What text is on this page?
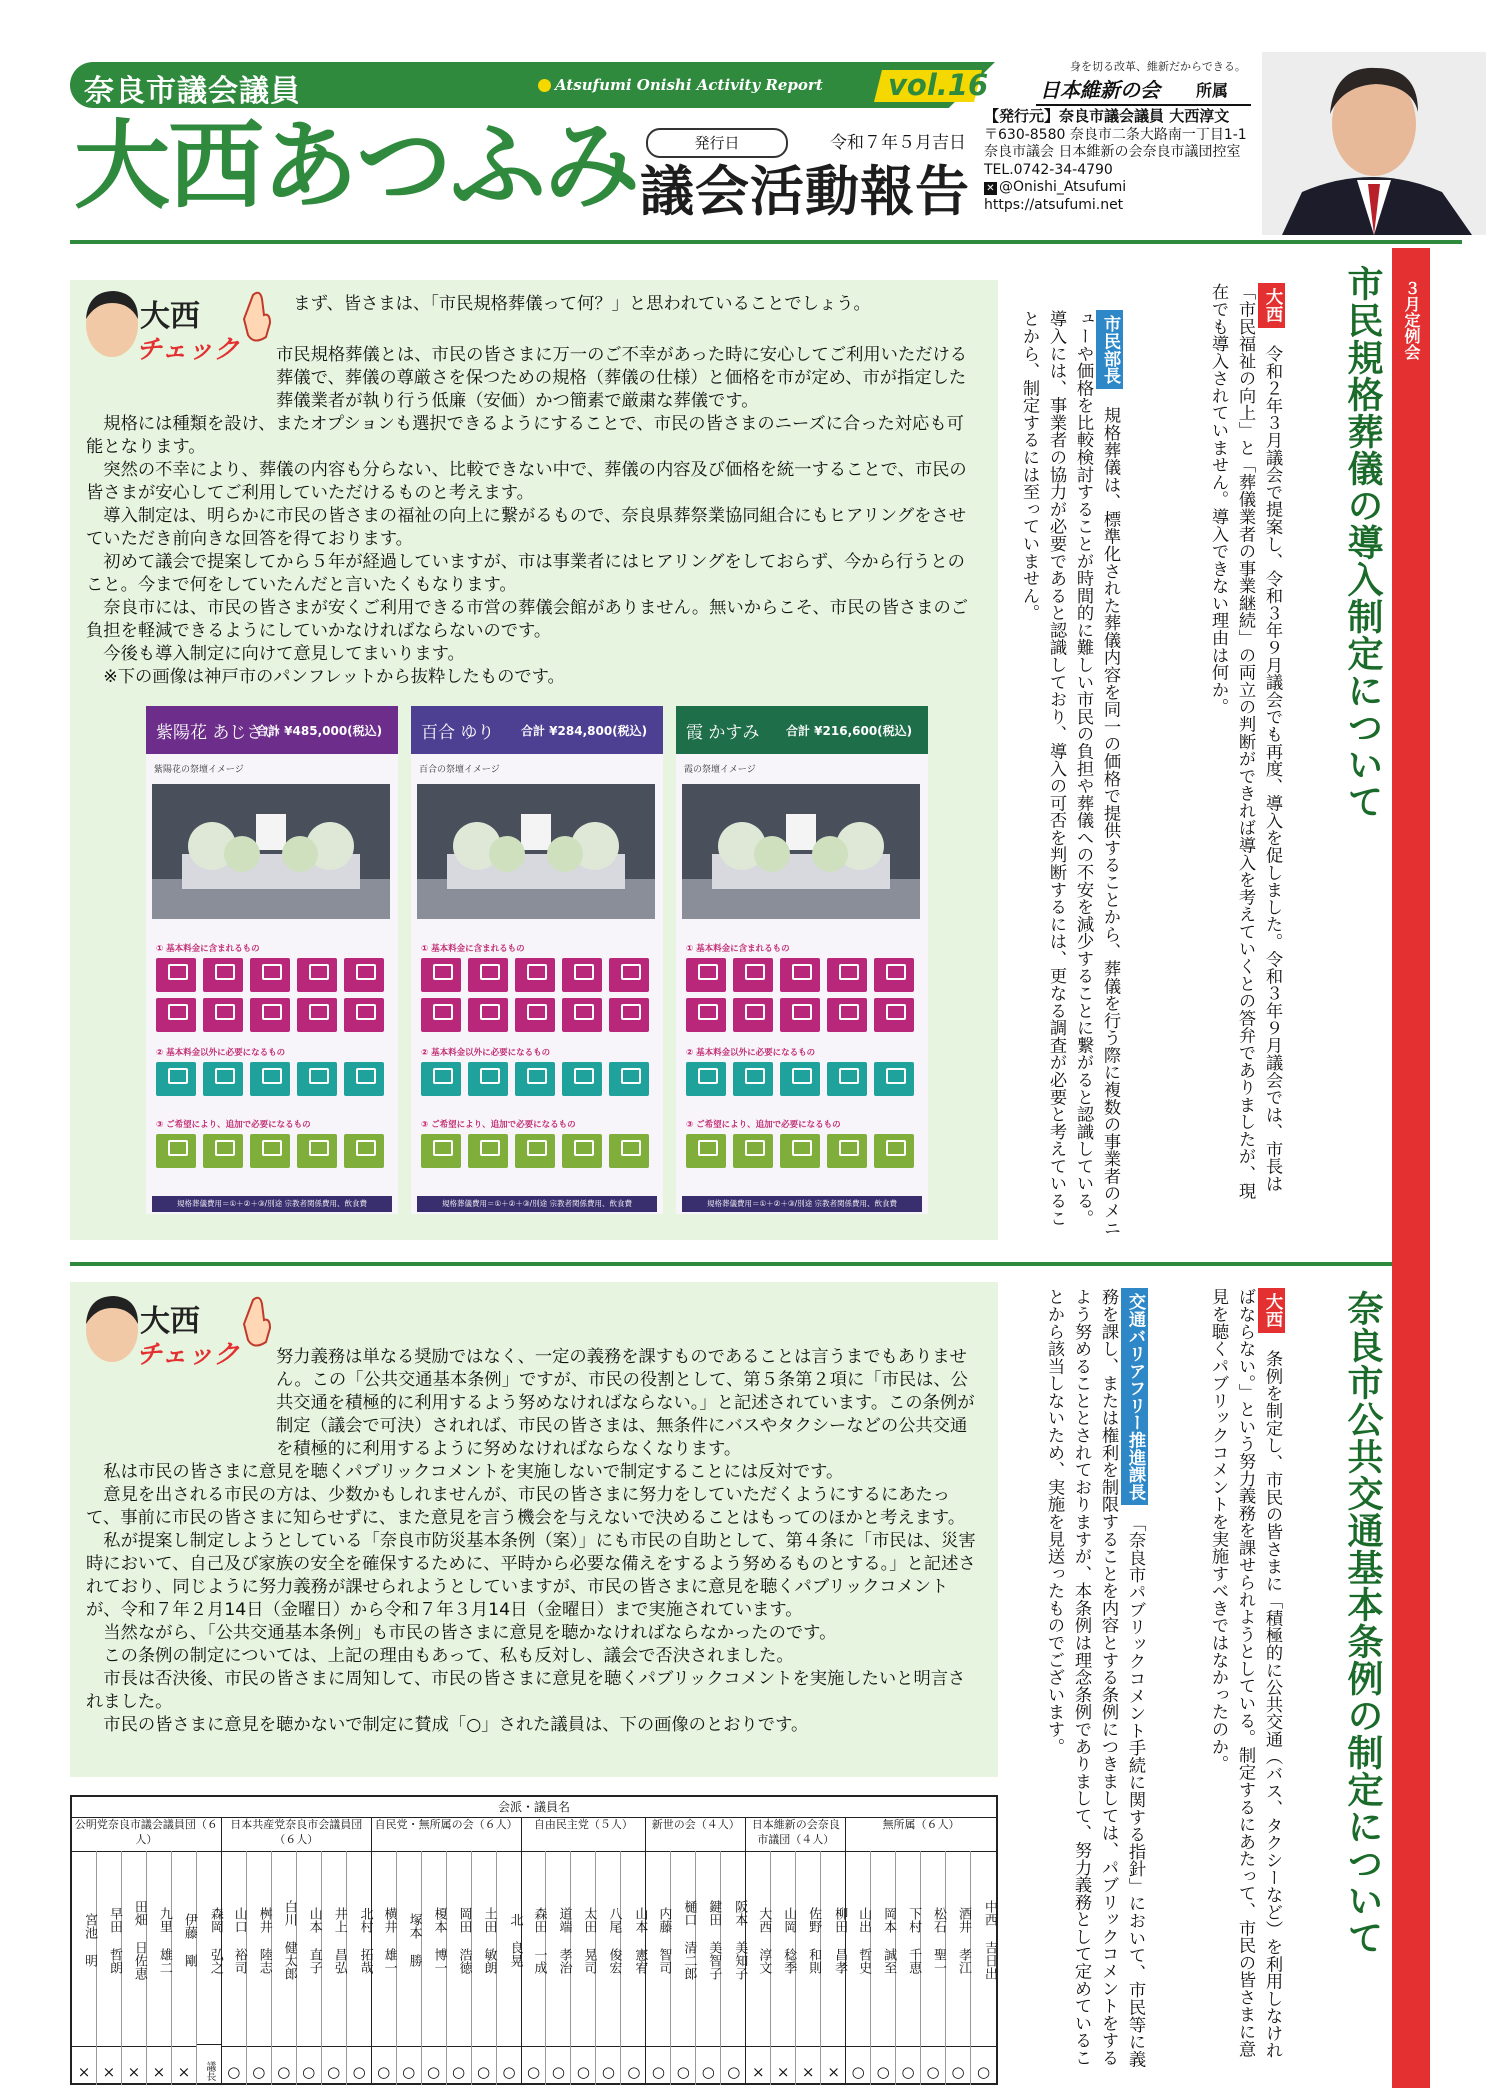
奈良市議会議員	Atsufumi Onishi Activity Report vol.16
大西あつふみ	発行日	令和７年５月吉日
議会活動報告
身を切る改革、維新だからできる。
日本維新の会 所属
【発行元】奈良市議会議員 大西淳文
〒630-8580 奈良市二条大路南一丁目1-1
奈良市議会 日本維新の会奈良市議団控室
TEL.0742-34-4790
✕ @Onishi_Atsufumi
https://atsufumi.net
３月定例会
大西
チェック

まず、皆さまは、「市民規格葬儀って何？」と思われていることでしょう。

市民規格葬儀とは、市民の皆さまに万一のご不幸があった時に安心してご利用いただける葬儀で、葬儀の尊厳さを保つための規格（葬儀の仕様）と価格を市が定め、市が指定した葬儀業者が執り行う低廉（安価）かつ簡素で厳粛な葬儀です。

規格には種類を設け、またオプションも選択できるようにすることで、市民の皆さまのニーズに合った対応も可能となります。

突然の不幸により、葬儀の内容も分らない、比較できない中で、葬儀の内容及び価格を統一することで、市民の皆さまが安心してご利用していただけるものと考えます。

導入制定は、明らかに市民の皆さまの福祉の向上に繋がるもので、奈良県葬祭業協同組合にもヒアリングをさせていただき前向きな回答を得ております。

初めて議会で提案してから５年が経過していますが、市は事業者にはヒアリングをしておらず、今から行うとのこと。今まで何をしていたんだと言いたくもなります。

奈良市には、市民の皆さまが安くご利用できる市営の葬儀会館がありません。無いからこそ、市民の皆さまのご負担を軽減できるようにしていかなければならないのです。

今後も導入制定に向けて意見してまいります。

※下の画像は神戸市のパンフレットから抜粋したものです。

紫陽花 あじさい
合計 ¥485,000(税込)
紫陽花の祭壇イメージ
① 基本料金に含まれるもの
② 基本料金以外に必要になるもの
③ ご希望により、追加で必要になるもの
規格葬儀費用＝①＋②＋③/別途 宗教者関係費用、飲食費
百合 ゆり 合計 ¥284,800(税込)
百合の祭壇イメージ
① 基本料金に含まれるもの
② 基本料金以外に必要になるもの
③ ご希望により、追加で必要になるもの
規格葬儀費用＝①＋②＋③/別途 宗教者関係費用、飲食費
霞 かすみ 合計 ¥216,600(税込)
霞の祭壇イメージ
① 基本料金に含まれるもの
② 基本料金以外に必要になるもの
③ ご希望により、追加で必要になるもの
規格葬儀費用＝①＋②＋③/別途 宗教者関係費用、飲食費
市民規格葬儀の導入制定について
大西　令和２年３月議会で提案し、令和３年９月議会でも再度、導入を促しました。令和３年９月議会では、市長は「市民福祉の向上」と「葬儀業者の事業継続」の両立の判断ができれば導入を考えていくとの答弁でありましたが、現在でも導入されていません。導入できない理由は何か。
市民部長　規格葬儀は、標準化された葬儀内容を同一の価格で提供することから、葬儀を行う際に複数の事業者のメニューや価格を比較検討することが時間的に難しい市民の負担や葬儀への不安を減少することに繋がると認識している。導入には、事業者の協力が必要であると認識しており、導入の可否を判断するには、更なる調査が必要と考えていることから、制定するには至っていません。
大西
チェック	努力義務は単なる奨励ではなく、一定の義務を課すものであることは言うまでもありません。この「公共交通基本条例」ですが、市民の役割として、第５条第２項に「市民は、公共交通を積極的に利用するよう努めなければならない。」と記述されています。この条例が制定（議会で可決）されれば、市民の皆さまは、無条件にバスやタクシーなどの公共交通を積極的に利用するように努めなければならなくなります。

私は市民の皆さまに意見を聴くパブリックコメントを実施しないで制定することには反対です。

意見を出される市民の方は、少数かもしれませんが、市民の皆さまに努力をしていただくようにするにあたって、事前に市民の皆さまに知らせずに、また意見を言う機会を与えないで決めることはもってのほかと考えます。

私が提案し制定しようとしている「奈良市防災基本条例（案）」にも市民の自助として、第４条に「市民は、災害時において、自己及び家族の安全を確保するために、平時から必要な備えをするよう努めるものとする。」と記述されており、同じように努力義務が課せられようとしていますが、市民の皆さまに意見を聴くパブリックコメントが、令和７年２月14日（金曜日）から令和７年３月14日（金曜日）まで実施されています。

当然ながら、「公共交通基本条例」も市民の皆さまに意見を聴かなければならなかったのです。

この条例の制定については、上記の理由もあって、私も反対し、議会で否決されました。

市長は否決後、市民の皆さまに周知して、市民の皆さまに意見を聴くパブリックコメントを実施したいと明言されました。

市民の皆さまに意見を聴かないで制定に賛成「○」された議員は、下の画像のとおりです。	奈良市公共交通基本条例の制定について
大西　条例を制定し、市民の皆さまに「積極的に公共交通（バス、タクシーなど）を利用しなければならない。」という努力義務を課せられようとしている。制定するにあたって、市民の皆さまに意見を聴くパブリックコメントを実施すべきではなかったのか。
交通バリアフリー推進課長　「奈良市パブリックコメント手続に関する指針」において、市民等に義務を課し、または権利を制限することを内容とする条例につきましては、パブリックコメントをするよう努めることとされておりますが、本条例は理念条例でありまして、努力義務として定めていることから該当しないため、実施を見送ったものでございます。
会派・議員名
公明党奈良市議会議員団（６人）
宮池 明
×
早田 哲朗
×
田畑 日佐恵
×
九里 雄二
×
伊藤 剛
×
森岡 弘之
議長
日本共産党奈良市会議員団（６人）
山口 裕司
○
桝井 陸志
○
白川 健太郎
○
山本 直子
○
井上 昌弘
○
北村 拓哉
○
自民党・無所属の会（６人）
横井 雄一
○
塚本 勝
○
榎本 博一
○
岡田 浩徳
○
土田 敏朗
○
北 良晃
○
自由民主党（５人）
森田 一成
○
道端 孝治
○
太田 晃司
○
八尾 俊宏
○
山本 憲宥
○
新世の会（４人）
内藤 智司
○
樋口 清二郎
○
鍵田 美智子
○
阪本 美知子
○
日本維新の会奈良市議団（４人）
大西 淳文
×
山岡 稔季
×
佐野 和則
×
柳田 昌孝
×
無所属（６人）
山出 哲史
○
岡本 誠至
○
下村 千恵
○
松石 聖一
○
酒井 孝江
○
中西 吉日出
○
